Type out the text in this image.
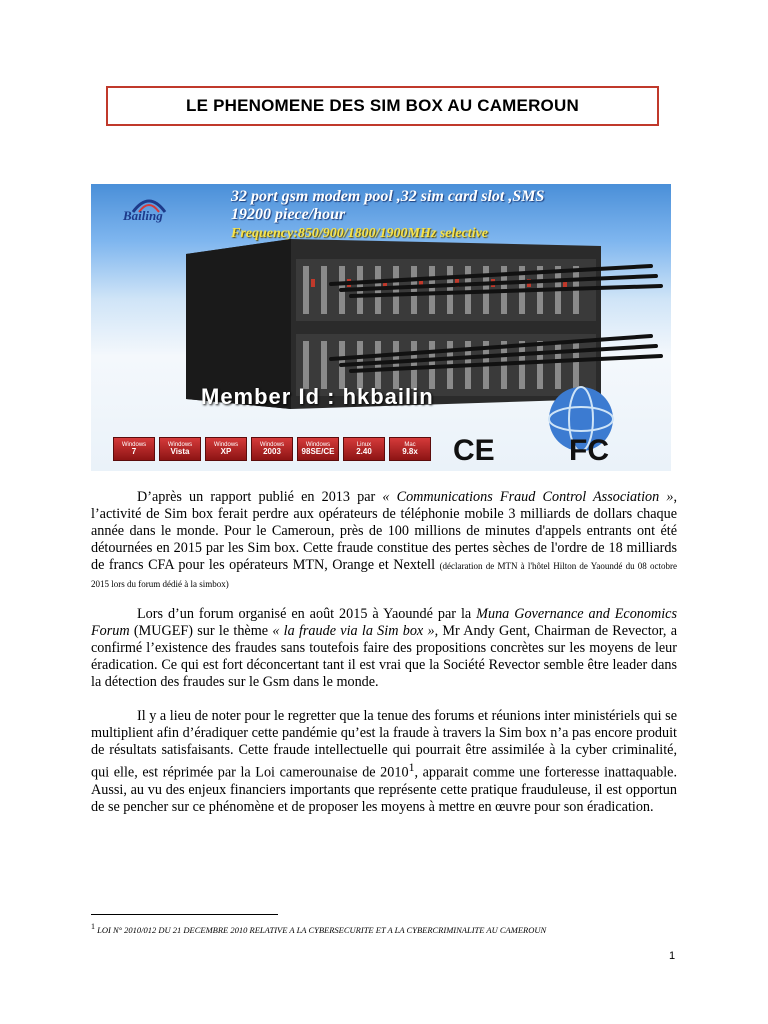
LE PHENOMENE DES SIM BOX AU CAMEROUN
Bailing
32 port gsm modem pool ,32 sim card slot ,SMS
19200 piece/hour
Frequency:850/900/1800/1900MHz selective
Member Id : hkbailin
Windows
7
Windows
Vista
Windows
XP
Windows
2003
Windows
98SE/CE
Linux
2.40
Mac
9.8x CE FC

D’après un rapport publié en 2013 par « Communications Fraud Control Association », l’activité de Sim box ferait perdre aux opérateurs de téléphonie mobile 3 milliards de dollars chaque année dans le monde. Pour le Cameroun, près de 100 millions de minutes d'appels entrants ont été détournées en 2015 par les Sim box. Cette fraude constitue des pertes sèches de l'ordre de 18 milliards de francs CFA pour les opérateurs MTN, Orange et Nextell (déclaration de MTN à l'hôtel Hilton de Yaoundé du 08 octobre 2015 lors du forum dédié à la simbox)

Lors d’un forum organisé en août 2015 à Yaoundé par la Muna Governance and Economics Forum (MUGEF) sur le thème « la fraude via la Sim box », Mr Andy Gent, Chairman de Revector, a confirmé l’existence des fraudes sans toutefois faire des propositions concrètes sur les moyens de leur éradication. Ce qui est fort déconcertant tant il est vrai que la Société Revector semble être leader dans la détection des fraudes sur le Gsm dans le monde.

Il y a lieu de noter pour le regretter que la tenue des forums et réunions inter ministériels qui se multiplient afin d’éradiquer cette pandémie qu’est la fraude à travers la Sim box n’a pas encore produit de résultats satisfaisants. Cette fraude intellectuelle qui pourrait être assimilée à la cyber criminalité, qui elle, est réprimée par la Loi camerounaise de 2010$^1$, apparait comme une forteresse inattaquable. Aussi, au vu des enjeux financiers importants que représente cette pratique frauduleuse, il est opportun de se pencher sur ce phénomène et de proposer les moyens à mettre en œuvre pour son éradication.

$^1$ LOI N° 2010/012 DU 21 DECEMBRE 2010 RELATIVE A LA CYBERSECURITE ET A LA CYBERCRIMINALITE AU CAMEROUN
1
